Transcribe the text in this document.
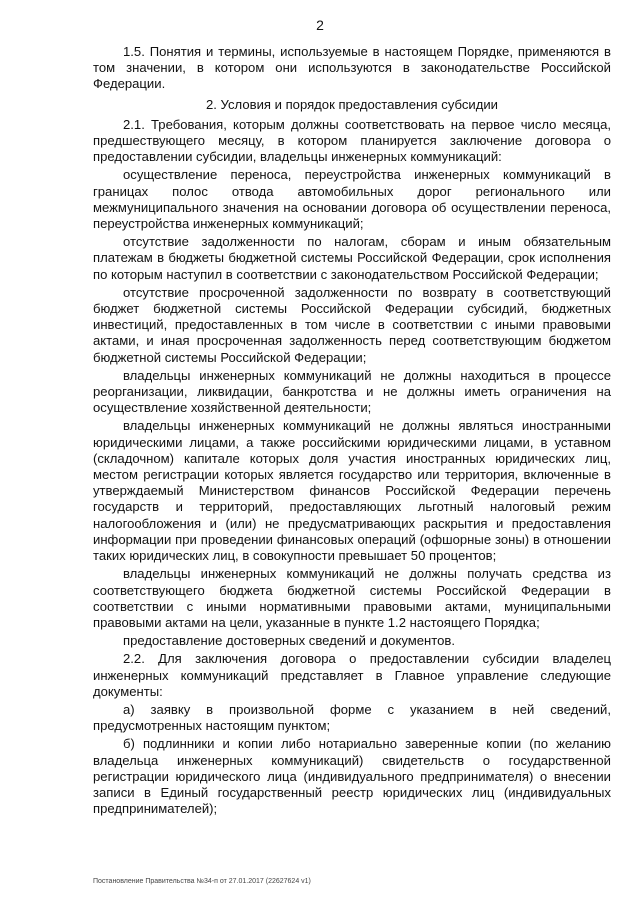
2

1.5. Понятия и термины, используемые в настоящем Порядке, применяются в том значении, в котором они используются в законодательстве Российской Федерации.

2. Условия и порядок предоставления субсидии

2.1. Требования, которым должны соответствовать на первое число месяца, предшествующего месяцу, в котором планируется заключение договора о предоставлении субсидии, владельцы инженерных коммуникаций:

осуществление переноса, переустройства инженерных коммуникаций в границах полос отвода автомобильных дорог регионального или межмуниципального значения на основании договора об осуществлении переноса, переустройства инженерных коммуникаций;

отсутствие задолженности по налогам, сборам и иным обязательным платежам в бюджеты бюджетной системы Российской Федерации, срок исполнения по которым наступил в соответствии с законодательством Российской Федерации;

отсутствие просроченной задолженности по возврату в соответствующий бюджет бюджетной системы Российской Федерации субсидий, бюджетных инвестиций, предоставленных в том числе в соответствии с иными правовыми актами, и иная просроченная задолженность перед соответствующим бюджетом бюджетной системы Российской Федерации;

владельцы инженерных коммуникаций не должны находиться в процессе реорганизации, ликвидации, банкротства и не должны иметь ограничения на осуществление хозяйственной деятельности;

владельцы инженерных коммуникаций не должны являться иностранными юридическими лицами, а также российскими юридическими лицами, в уставном (складочном) капитале которых доля участия иностранных юридических лиц, местом регистрации которых является государство или территория, включенные в утверждаемый Министерством финансов Российской Федерации перечень государств и территорий, предоставляющих льготный налоговый режим налогообложения и (или) не предусматривающих раскрытия и предоставления информации при проведении финансовых операций (офшорные зоны) в отношении таких юридических лиц, в совокупности превышает 50 процентов;

владельцы инженерных коммуникаций не должны получать средства из соответствующего бюджета бюджетной системы Российской Федерации в соответствии с иными нормативными правовыми актами, муниципальными правовыми актами на цели, указанные в пункте 1.2 настоящего Порядка;

предоставление достоверных сведений и документов.

2.2. Для заключения договора о предоставлении субсидии владелец инженерных коммуникаций представляет в Главное управление следующие документы:

а) заявку в произвольной форме с указанием в ней сведений, предусмотренных настоящим пунктом;

б) подлинники и копии либо нотариально заверенные копии (по желанию владельца инженерных коммуникаций) свидетельств о государственной регистрации юридического лица (индивидуального предпринимателя) о внесении записи в Единый государственный реестр юридических лиц (индивидуальных предпринимателей);

Постановление Правительства №34-п от 27.01.2017 (22627624 v1)
